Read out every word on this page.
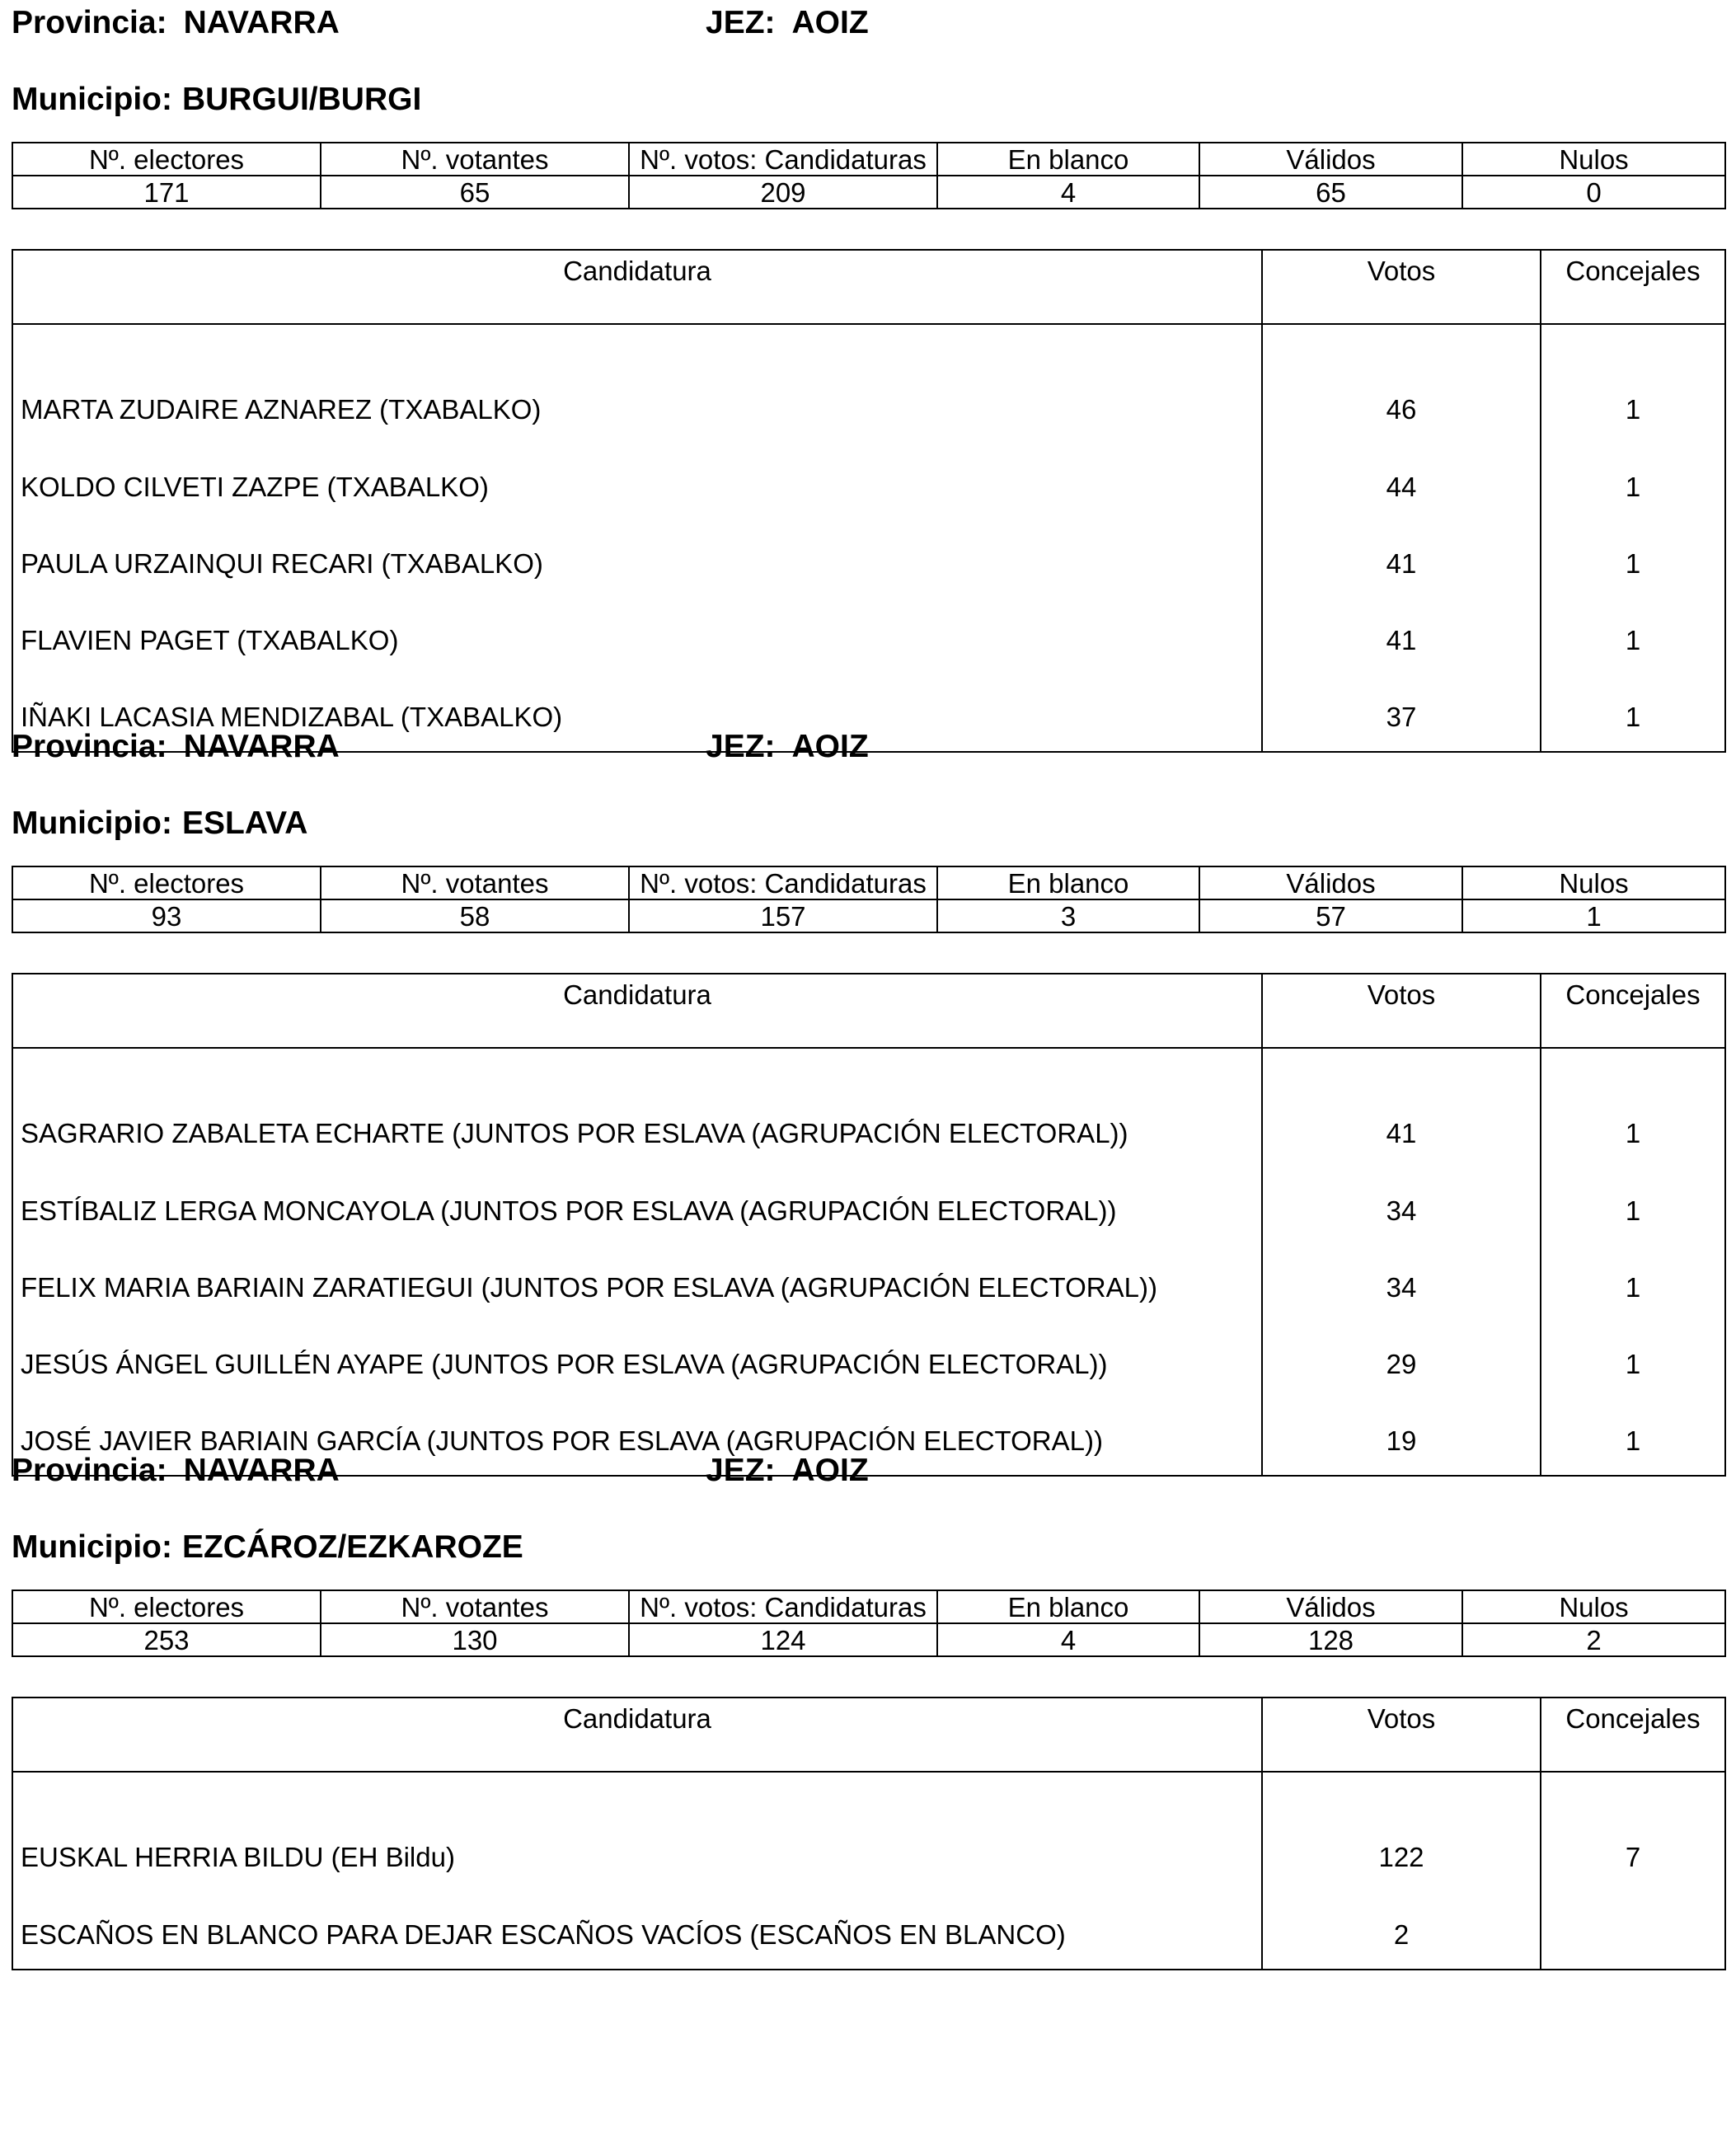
Provincia: NAVARRA	JEZ: AOIZ
Municipio: BURGUI/BURGI
Nº. electores	Nº. votantes	Nº. votos: Candidaturas	En blanco	Válidos	Nulos
171	65	209	4	65	0
Candidatura	Votos	Concejales
MARTA ZUDAIRE AZNAREZ (TXABALKO)	46	1
KOLDO CILVETI ZAZPE (TXABALKO)	44	1
PAULA URZAINQUI RECARI (TXABALKO)	41	1
FLAVIEN PAGET (TXABALKO)	41	1
IÑAKI LACASIA MENDIZABAL (TXABALKO)	37	1
Provincia: NAVARRA	JEZ: AOIZ
Municipio: ESLAVA
Nº. electores	Nº. votantes	Nº. votos: Candidaturas	En blanco	Válidos	Nulos
93	58	157	3	57	1
Candidatura	Votos	Concejales
SAGRARIO ZABALETA ECHARTE (JUNTOS POR ESLAVA (AGRUPACIÓN ELECTORAL))	41	1
ESTÍBALIZ LERGA MONCAYOLA (JUNTOS POR ESLAVA (AGRUPACIÓN ELECTORAL))	34	1
FELIX MARIA BARIAIN ZARATIEGUI (JUNTOS POR ESLAVA (AGRUPACIÓN ELECTORAL))	34	1
JESÚS ÁNGEL GUILLÉN AYAPE (JUNTOS POR ESLAVA (AGRUPACIÓN ELECTORAL))	29	1
JOSÉ JAVIER BARIAIN GARCÍA (JUNTOS POR ESLAVA (AGRUPACIÓN ELECTORAL))	19	1
Provincia: NAVARRA	JEZ: AOIZ
Municipio: EZCÁROZ/EZKAROZE
Nº. electores	Nº. votantes	Nº. votos: Candidaturas	En blanco	Válidos	Nulos
253	130	124	4	128	2
Candidatura	Votos	Concejales
EUSKAL HERRIA BILDU (EH Bildu)	122	7
ESCAÑOS EN BLANCO PARA DEJAR ESCAÑOS VACÍOS (ESCAÑOS EN BLANCO)	2	
